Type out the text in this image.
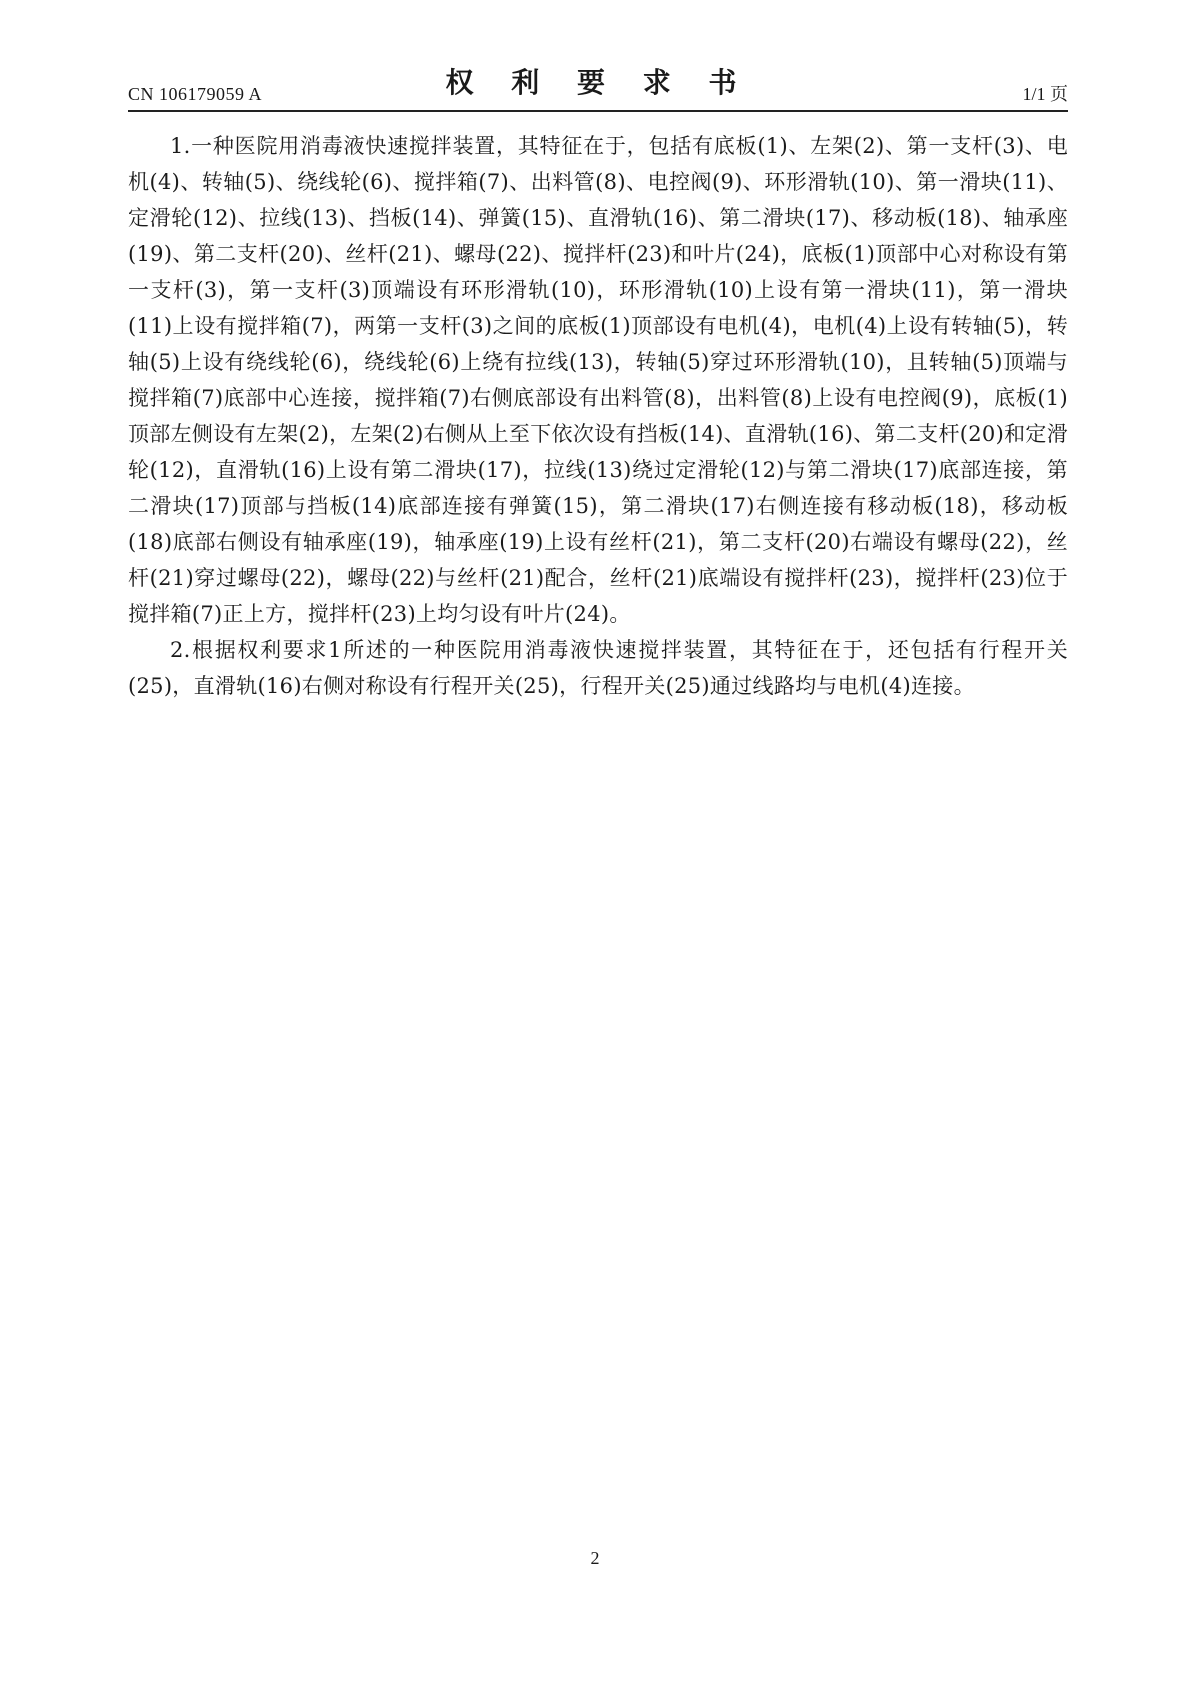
CN 106179059 A	权 利 要 求 书	1/1 页

1.一种医院用消毒液快速搅拌装置，其特征在于，包括有底板(1)、左架(2)、第一支杆(3)、电机(4)、转轴(5)、绕线轮(6)、搅拌箱(7)、出料管(8)、电控阀(9)、环形滑轨(10)、第一滑块(11)、定滑轮(12)、拉线(13)、挡板(14)、弹簧(15)、直滑轨(16)、第二滑块(17)、移动板(18)、轴承座(19)、第二支杆(20)、丝杆(21)、螺母(22)、搅拌杆(23)和叶片(24)，底板(1)顶部中心对称设有第一支杆(3)，第一支杆(3)顶端设有环形滑轨(10)，环形滑轨(10)上设有第一滑块(11)，第一滑块(11)上设有搅拌箱(7)，两第一支杆(3)之间的底板(1)顶部设有电机(4)，电机(4)上设有转轴(5)，转轴(5)上设有绕线轮(6)，绕线轮(6)上绕有拉线(13)，转轴(5)穿过环形滑轨(10)，且转轴(5)顶端与搅拌箱(7)底部中心连接，搅拌箱(7)右侧底部设有出料管(8)，出料管(8)上设有电控阀(9)，底板(1)顶部左侧设有左架(2)，左架(2)右侧从上至下依次设有挡板(14)、直滑轨(16)、第二支杆(20)和定滑轮(12)，直滑轨(16)上设有第二滑块(17)，拉线(13)绕过定滑轮(12)与第二滑块(17)底部连接，第二滑块(17)顶部与挡板(14)底部连接有弹簧(15)，第二滑块(17)右侧连接有移动板(18)，移动板(18)底部右侧设有轴承座(19)，轴承座(19)上设有丝杆(21)，第二支杆(20)右端设有螺母(22)，丝杆(21)穿过螺母(22)，螺母(22)与丝杆(21)配合，丝杆(21)底端设有搅拌杆(23)，搅拌杆(23)位于搅拌箱(7)正上方，搅拌杆(23)上均匀设有叶片(24)。

2.根据权利要求1所述的一种医院用消毒液快速搅拌装置，其特征在于，还包括有行程开关(25)，直滑轨(16)右侧对称设有行程开关(25)，行程开关(25)通过线路均与电机(4)连接。

2
